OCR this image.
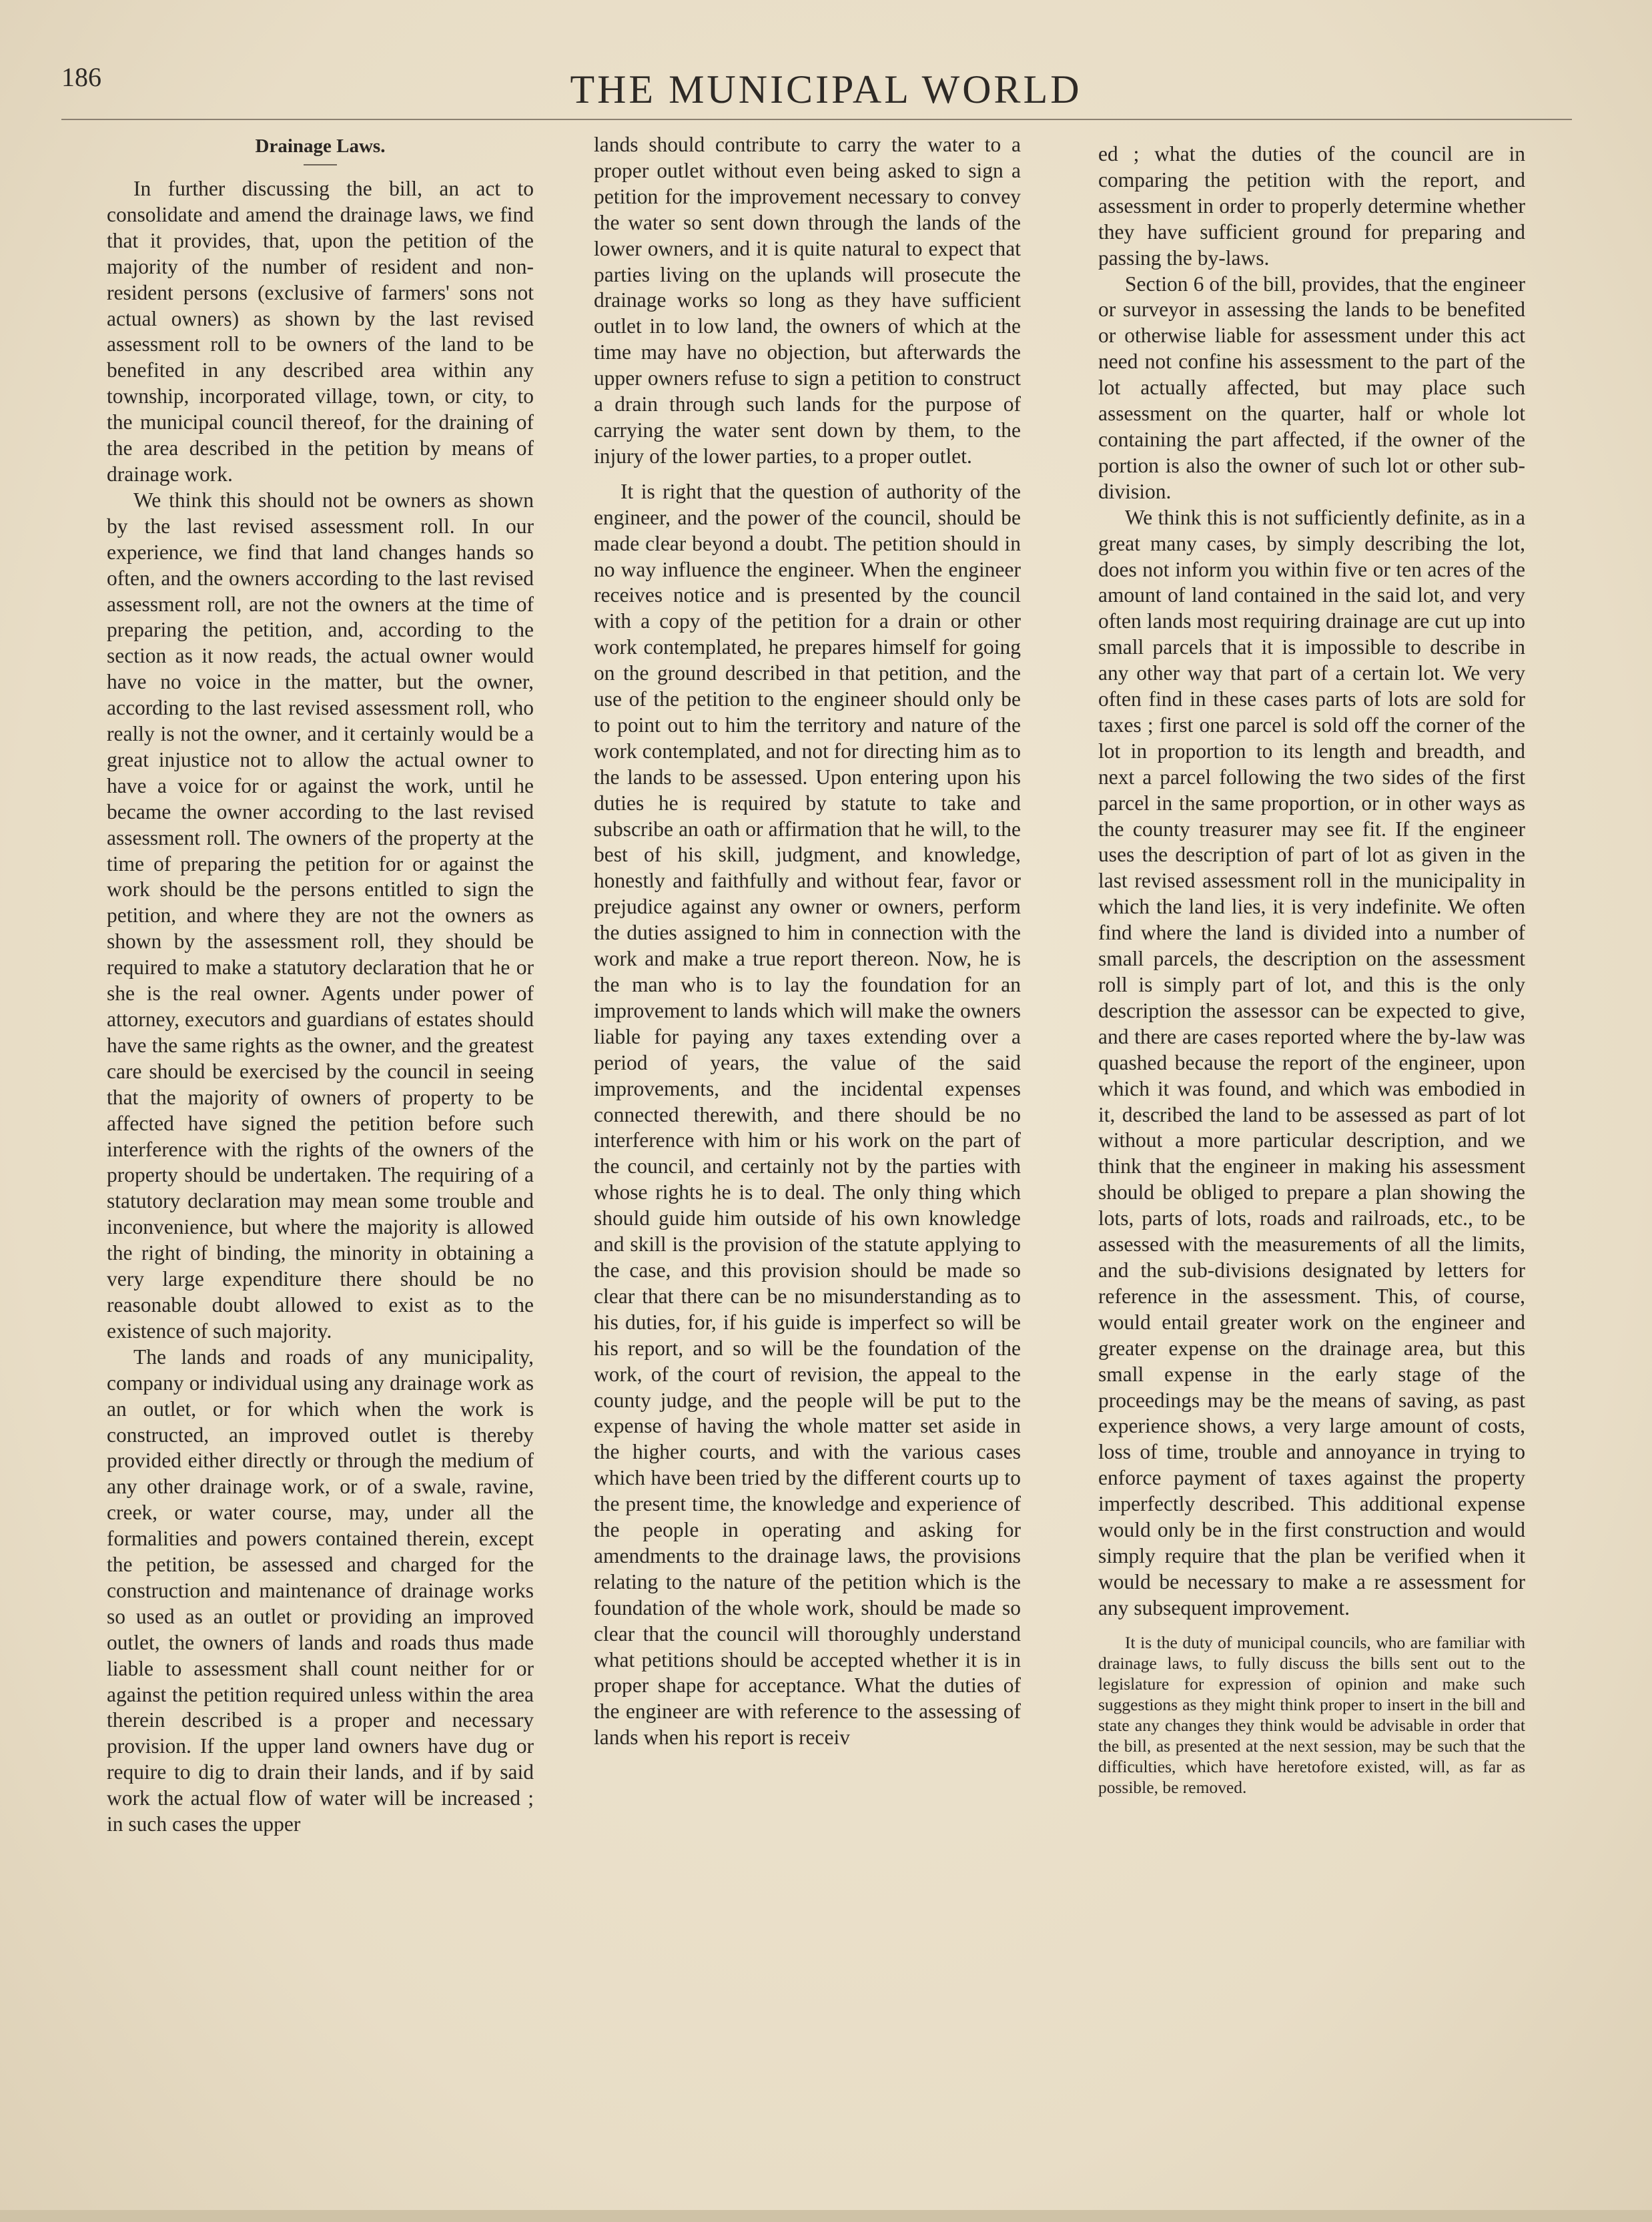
186	THE MUNICIPAL WORLD
Drainage Laws.

In further discussing the bill, an act to consolidate and amend the drainage laws, we find that it provides, that, upon the petition of the majority of the number of resident and non-resident persons (exclusive of farmers' sons not actual owners) as shown by the last revised assessment roll to be owners of the land to be benefited in any described area within any township, incorporated village, town, or city, to the municipal council thereof, for the draining of the area described in the petition by means of drainage work.

We think this should not be owners as shown by the last revised assessment roll. In our experience, we find that land changes hands so often, and the owners according to the last revised assessment roll, are not the owners at the time of preparing the petition, and, according to the section as it now reads, the actual owner would have no voice in the matter, but the owner, according to the last revised assessment roll, who really is not the owner, and it certainly would be a great injustice not to allow the actual owner to have a voice for or against the work, until he became the owner according to the last revised assessment roll. The owners of the property at the time of preparing the petition for or against the work should be the persons entitled to sign the petition, and where they are not the owners as shown by the assessment roll, they should be required to make a statutory declaration that he or she is the real owner. Agents under power of attorney, executors and guardians of estates should have the same rights as the owner, and the greatest care should be exercised by the council in seeing that the majority of owners of property to be affected have signed the petition before such interference with the rights of the owners of the property should be undertaken. The requiring of a statutory declaration may mean some trouble and inconvenience, but where the majority is allowed the right of binding, the minority in obtaining a very large expenditure there should be no reasonable doubt allowed to exist as to the existence of such majority.

The lands and roads of any municipality, company or individual using any drainage work as an outlet, or for which when the work is constructed, an improved outlet is thereby provided either directly or through the medium of any other drainage work, or of a swale, ravine, creek, or water course, may, under all the formalities and powers contained therein, except the petition, be assessed and charged for the construction and maintenance of drainage works so used as an outlet or providing an improved outlet, the owners of lands and roads thus made liable to assessment shall count neither for or against the petition required unless within the area therein described is a proper and necessary provision. If the upper land owners have dug or require to dig to drain their lands, and if by said work the actual flow of water will be increased ; in such cases the upper

lands should contribute to carry the water to a proper outlet without even being asked to sign a petition for the improvement necessary to convey the water so sent down through the lands of the lower owners, and it is quite natural to expect that parties living on the uplands will prosecute the drainage works so long as they have sufficient outlet in to low land, the owners of which at the time may have no objection, but afterwards the upper owners refuse to sign a petition to construct a drain through such lands for the purpose of carrying the water sent down by them, to the injury of the lower parties, to a proper outlet.

It is right that the question of authority of the engineer, and the power of the council, should be made clear beyond a doubt. The petition should in no way influence the engineer. When the engineer receives notice and is presented by the council with a copy of the petition for a drain or other work contemplated, he prepares himself for going on the ground described in that petition, and the use of the petition to the engineer should only be to point out to him the territory and nature of the work contemplated, and not for directing him as to the lands to be assessed. Upon entering upon his duties he is required by statute to take and subscribe an oath or affirmation that he will, to the best of his skill, judgment, and knowledge, honestly and faithfully and without fear, favor or prejudice against any owner or owners, perform the duties assigned to him in connection with the work and make a true report thereon. Now, he is the man who is to lay the foundation for an improvement to lands which will make the owners liable for paying any taxes extending over a period of years, the value of the said improvements, and the incidental expenses connected therewith, and there should be no interference with him or his work on the part of the council, and certainly not by the parties with whose rights he is to deal. The only thing which should guide him outside of his own knowledge and skill is the provision of the statute applying to the case, and this provision should be made so clear that there can be no misunderstanding as to his duties, for, if his guide is imperfect so will be his report, and so will be the foundation of the work, of the court of revision, the appeal to the county judge, and the people will be put to the expense of having the whole matter set aside in the higher courts, and with the various cases which have been tried by the different courts up to the present time, the knowledge and experience of the people in operating and asking for amendments to the drainage laws, the provisions relating to the nature of the petition which is the foundation of the whole work, should be made so clear that the council will thoroughly understand what petitions should be accepted whether it is in proper shape for acceptance. What the duties of the engineer are with reference to the assessing of lands when his report is receiv

ed ; what the duties of the council are in comparing the petition with the report, and assessment in order to properly determine whether they have sufficient ground for preparing and passing the by-laws.

Section 6 of the bill, provides, that the engineer or surveyor in assessing the lands to be benefited or otherwise liable for assessment under this act need not confine his assessment to the part of the lot actually affected, but may place such assessment on the quarter, half or whole lot containing the part affected, if the owner of the portion is also the owner of such lot or other sub-division.

We think this is not sufficiently definite, as in a great many cases, by simply describing the lot, does not inform you within five or ten acres of the amount of land contained in the said lot, and very often lands most requiring drainage are cut up into small parcels that it is impossible to describe in any other way that part of a certain lot. We very often find in these cases parts of lots are sold for taxes ; first one parcel is sold off the corner of the lot in proportion to its length and breadth, and next a parcel following the two sides of the first parcel in the same proportion, or in other ways as the county treasurer may see fit. If the engineer uses the description of part of lot as given in the last revised assessment roll in the municipality in which the land lies, it is very indefinite. We often find where the land is divided into a number of small parcels, the description on the assessment roll is simply part of lot, and this is the only description the assessor can be expected to give, and there are cases reported where the by-law was quashed because the report of the engineer, upon which it was found, and which was embodied in it, described the land to be assessed as part of lot without a more particular description, and we think that the engineer in making his assessment should be obliged to prepare a plan showing the lots, parts of lots, roads and railroads, etc., to be assessed with the measurements of all the limits, and the sub-divisions designated by letters for reference in the assessment. This, of course, would entail greater work on the engineer and greater expense on the drainage area, but this small expense in the early stage of the proceedings may be the means of saving, as past experience shows, a very large amount of costs, loss of time, trouble and annoyance in trying to enforce payment of taxes against the property imperfectly described. This additional expense would only be in the first construction and would simply require that the plan be verified when it would be necessary to make a re assessment for any subsequent improvement.

It is the duty of municipal councils, who are familiar with drainage laws, to fully discuss the bills sent out to the legislature for expression of opinion and make such suggestions as they might think proper to insert in the bill and state any changes they think would be advisable in order that the bill, as presented at the next session, may be such that the difficulties, which have heretofore existed, will, as far as possible, be removed.
